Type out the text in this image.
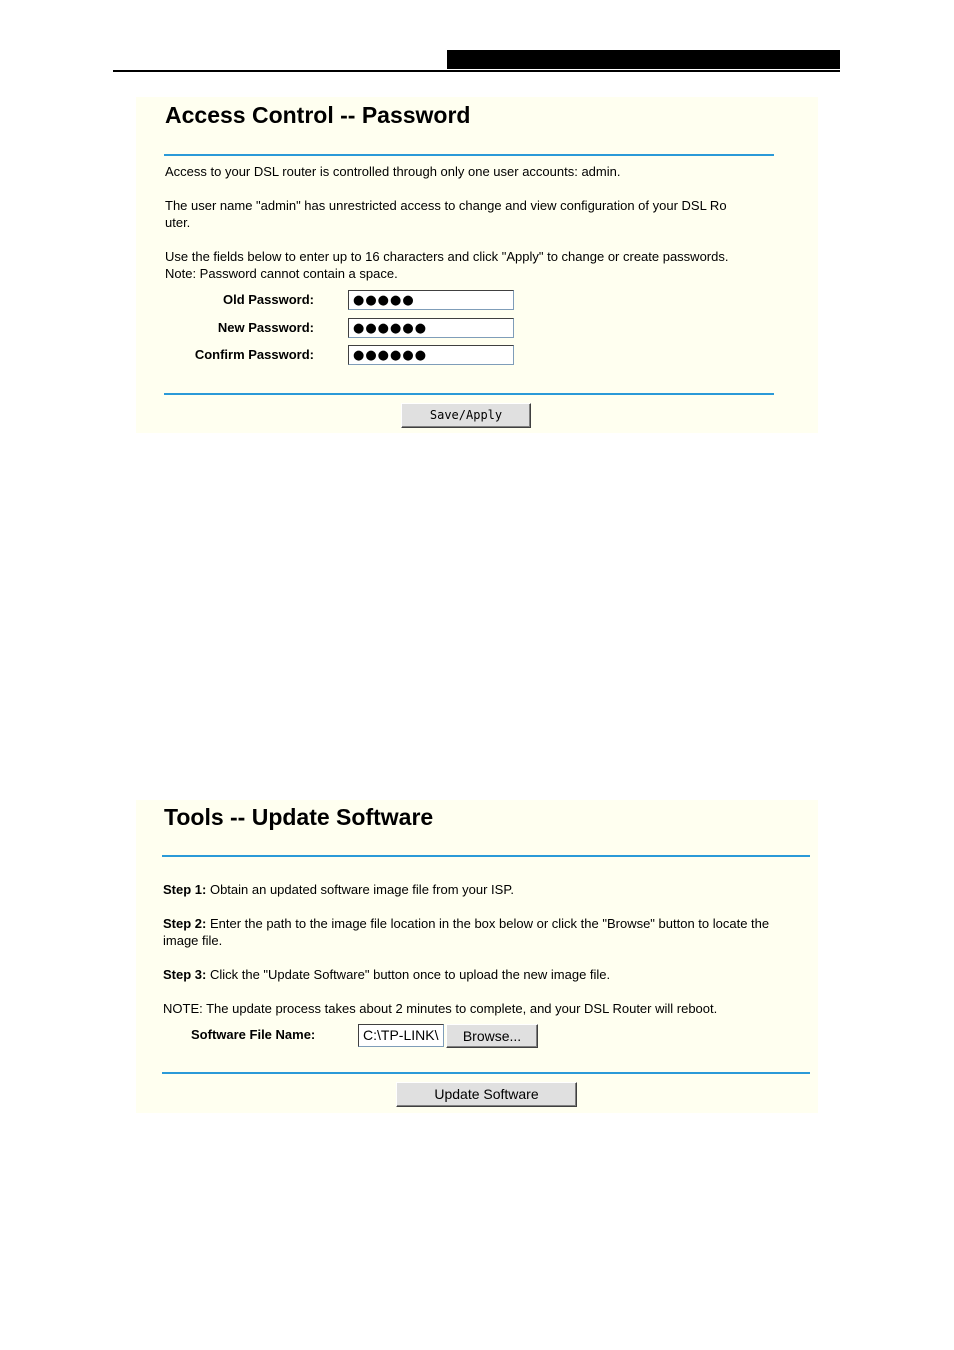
Access Control -- Password
Access to your DSL router is controlled through only one user accounts: admin.
The user name "admin" has unrestricted access to change and view configuration of your DSL Ro
uter.
Use the fields below to enter up to 16 characters and click "Apply" to change or create passwords.
Note: Password cannot contain a space.
Old Password:	●●●●●
New Password:	●●●●●●
Confirm Password:	●●●●●●
Save/Apply
Tools -- Update Software
Step 1: Obtain an updated software image file from your ISP.
Step 2: Enter the path to the image file location in the box below or click the "Browse" button to locate the
image file.
Step 3: Click the "Update Software" button once to upload the new image file.
NOTE: The update process takes about 2 minutes to complete, and your DSL Router will reboot.
Software File Name:	C:\TP-LINK\	Browse...
Update Software
